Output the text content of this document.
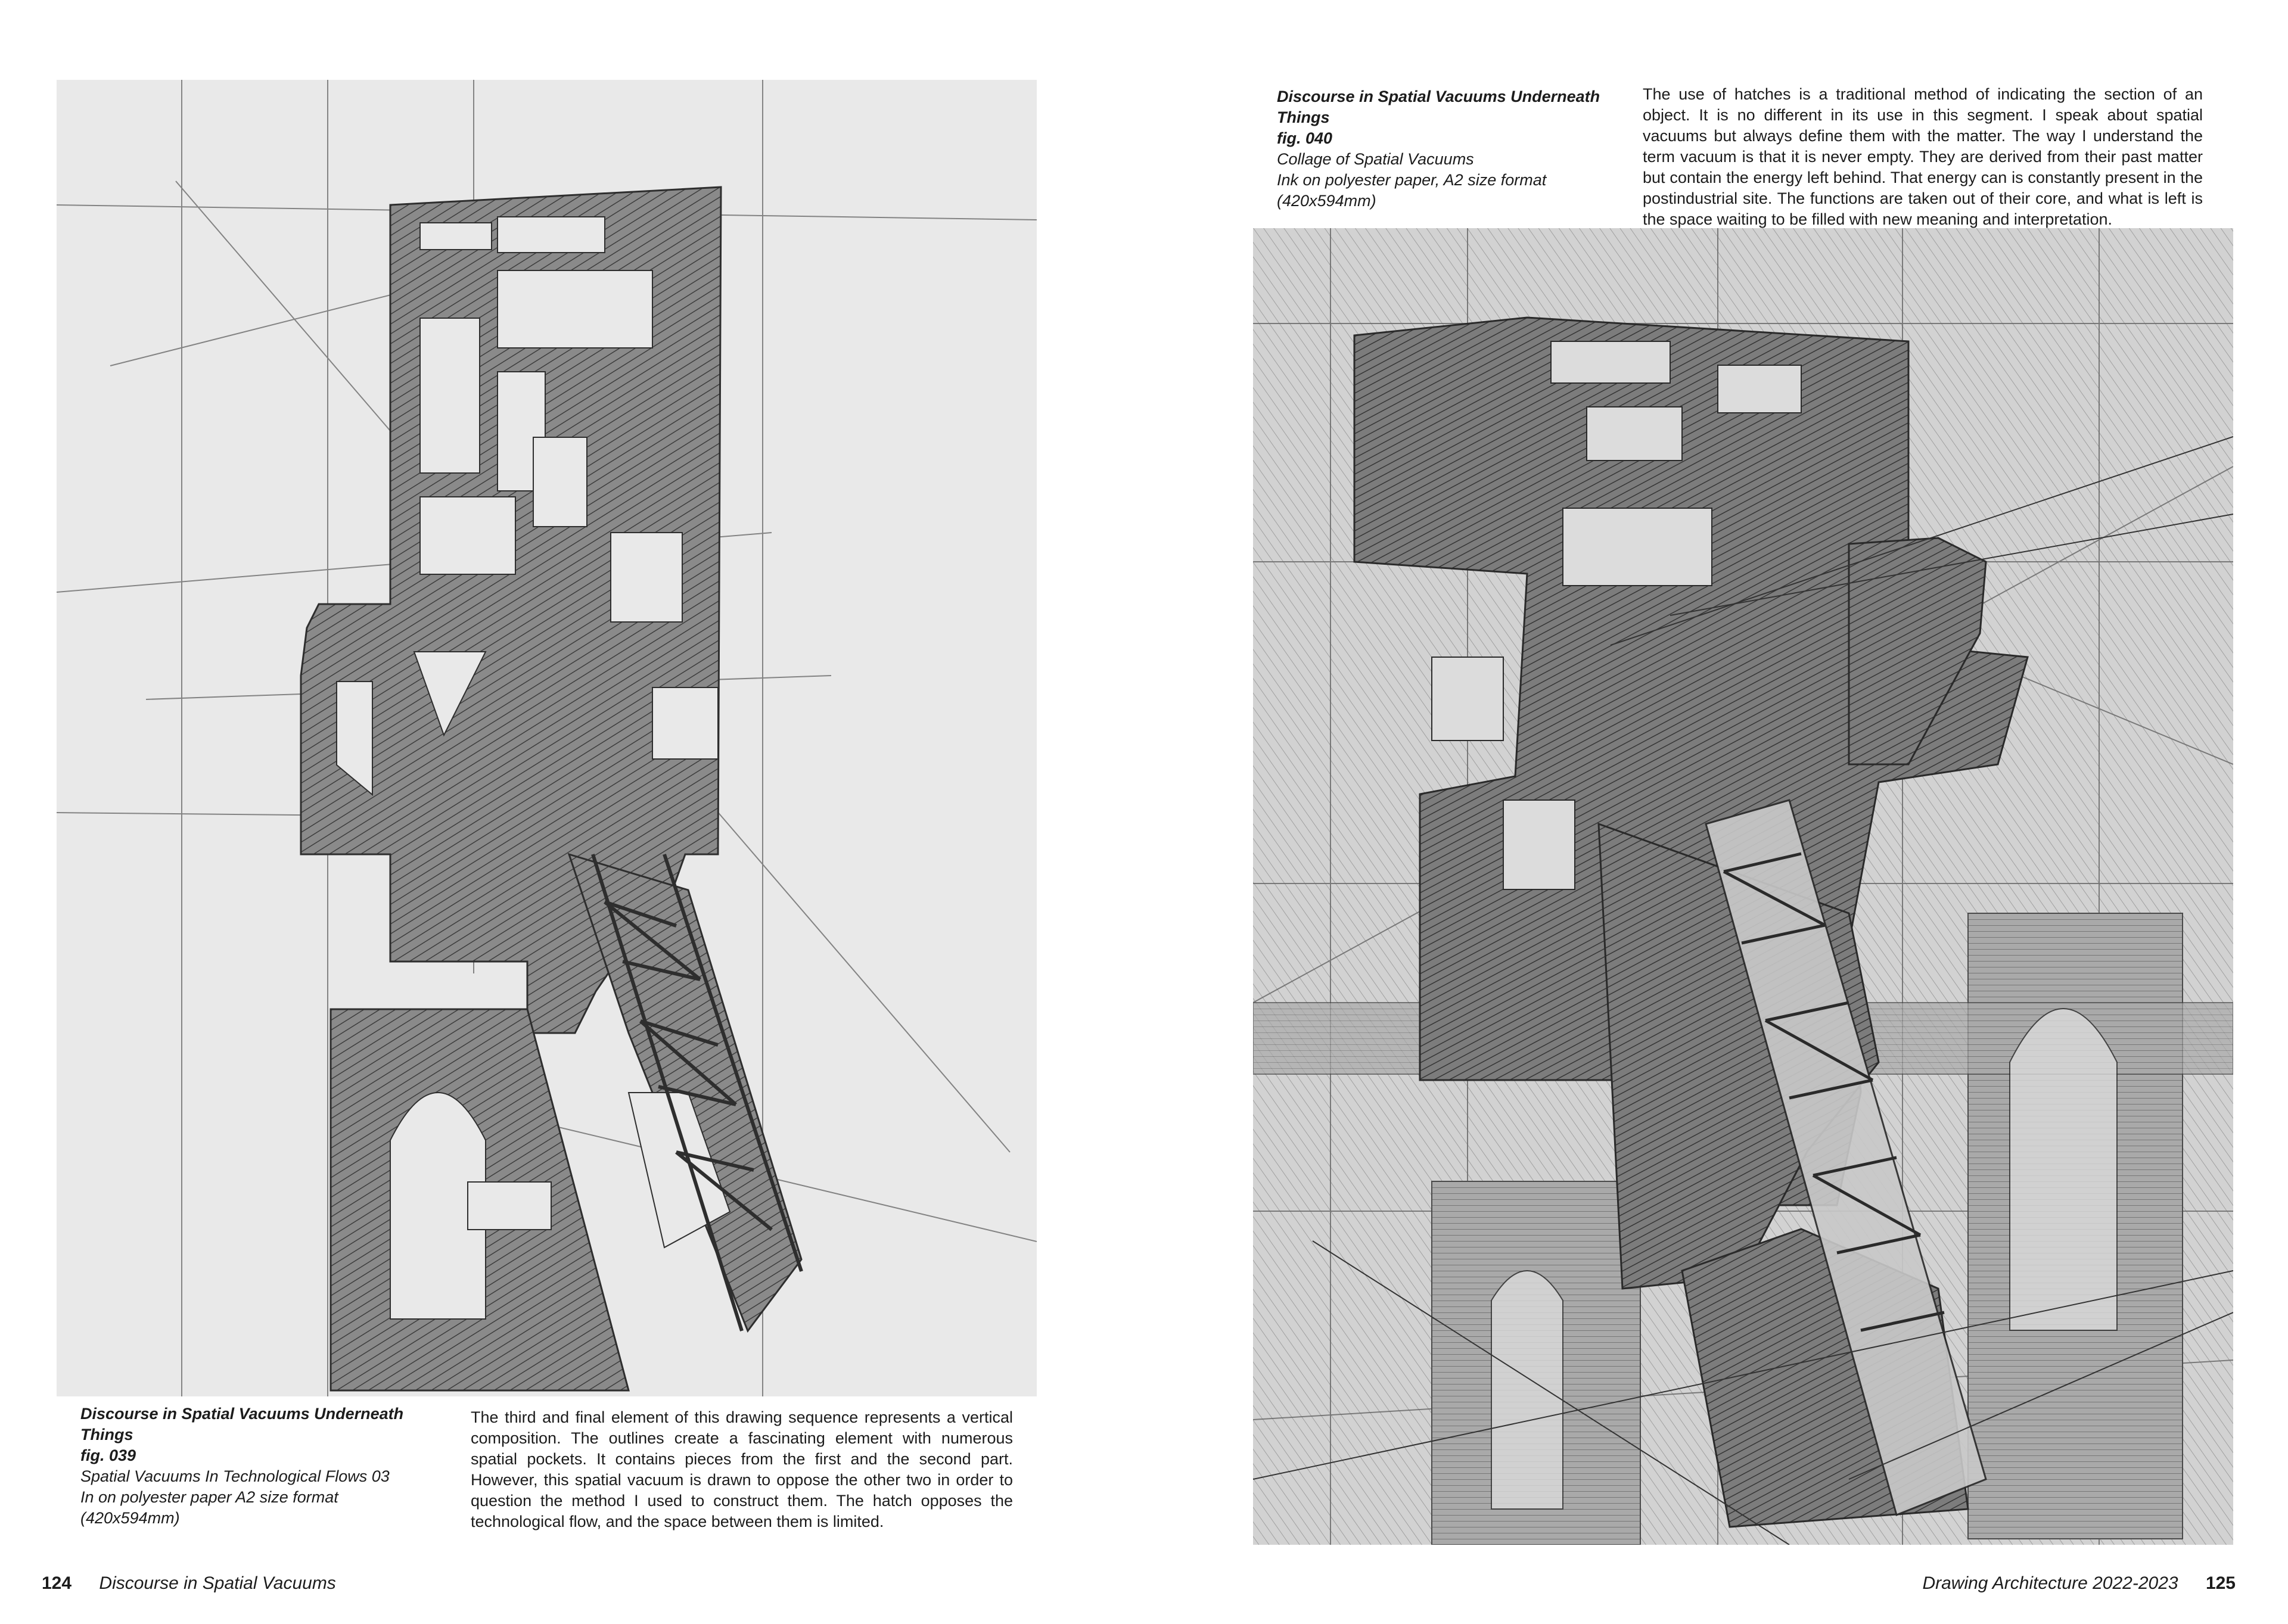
Discourse in Spatial Vacuums Underneath Things
fig. 039
Spatial Vacuums In Technological Flows 03
In on polyester paper A2 size format
(420x594mm)

The third and final element of this drawing sequence represents a vertical composition. The outlines create a fascinating element with numerous spatial pockets. It contains pieces from the first and the second part. However, this spatial vacuum is drawn to oppose the other two in order to question the method I used to construct them. The hatch opposes the technological flow, and the space between them is limited.

Discourse in Spatial Vacuums Underneath Things
fig. 040
Collage of Spatial Vacuums
Ink on polyester paper, A2 size format
(420x594mm)

The use of hatches is a traditional method of indicating the section of an object. It is no different in its use in this segment. I speak about spatial vacuums but always define them with the matter. The way I understand the term vacuum is that it is never empty. They are derived from their past matter but contain the energy left behind. That energy can is constantly present in the postindustrial site. The functions are taken out of their core, and what is left is the space waiting to be filled with new meaning and interpretation.

124 Discourse in Spatial Vacuums	Drawing Architecture 2022-2023 125
